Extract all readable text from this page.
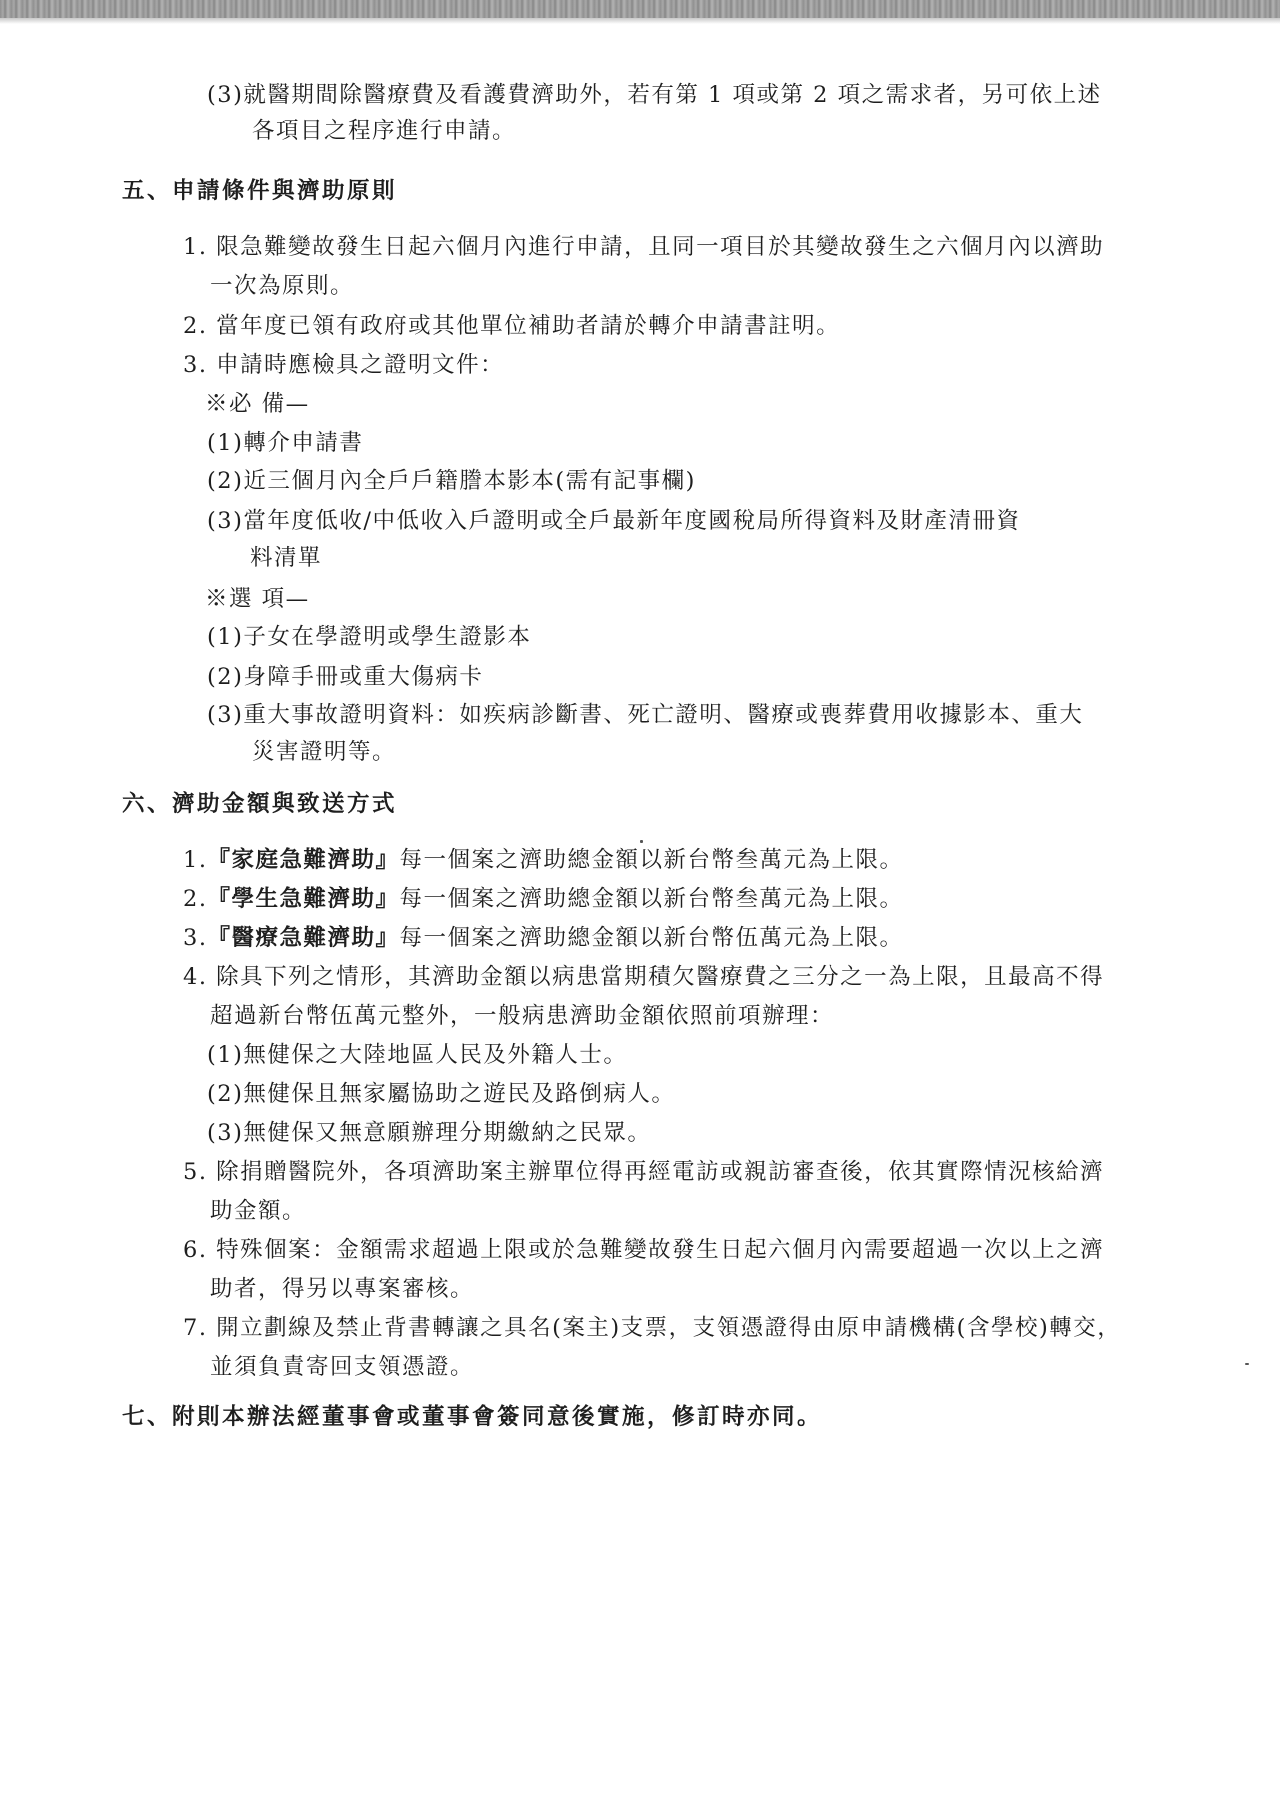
(3)就醫期間除醫療費及看護費濟助外，若有第 1 項或第 2 項之需求者，另可依上述
各項目之程序進行申請。
五、申請條件與濟助原則
1. 限急難變故發生日起六個月內進行申請，且同一項目於其變故發生之六個月內以濟助
一次為原則。
2. 當年度已領有政府或其他單位補助者請於轉介申請書註明。
3. 申請時應檢具之證明文件：
※必 備—
(1)轉介申請書
(2)近三個月內全戶戶籍謄本影本(需有記事欄)
(3)當年度低收/中低收入戶證明或全戶最新年度國稅局所得資料及財產清冊資
料清單
※選 項—
(1)子女在學證明或學生證影本
(2)身障手冊或重大傷病卡
(3)重大事故證明資料：如疾病診斷書、死亡證明、醫療或喪葬費用收據影本、重大
災害證明等。
六、濟助金額與致送方式
1.『家庭急難濟助』每一個案之濟助總金額以新台幣叁萬元為上限。
2.『學生急難濟助』每一個案之濟助總金額以新台幣叁萬元為上限。
3.『醫療急難濟助』每一個案之濟助總金額以新台幣伍萬元為上限。
4. 除具下列之情形，其濟助金額以病患當期積欠醫療費之三分之一為上限，且最高不得
超過新台幣伍萬元整外，一般病患濟助金額依照前項辦理：
(1)無健保之大陸地區人民及外籍人士。
(2)無健保且無家屬協助之遊民及路倒病人。
(3)無健保又無意願辦理分期繳納之民眾。
5. 除捐贈醫院外，各項濟助案主辦單位得再經電訪或親訪審查後，依其實際情況核給濟
助金額。
6. 特殊個案：金額需求超過上限或於急難變故發生日起六個月內需要超過一次以上之濟
助者，得另以專案審核。
7. 開立劃線及禁止背書轉讓之具名(案主)支票，支領憑證得由原申請機構(含學校)轉交，
並須負責寄回支領憑證。
七、附則本辦法經董事會或董事會簽同意後實施，修訂時亦同。
